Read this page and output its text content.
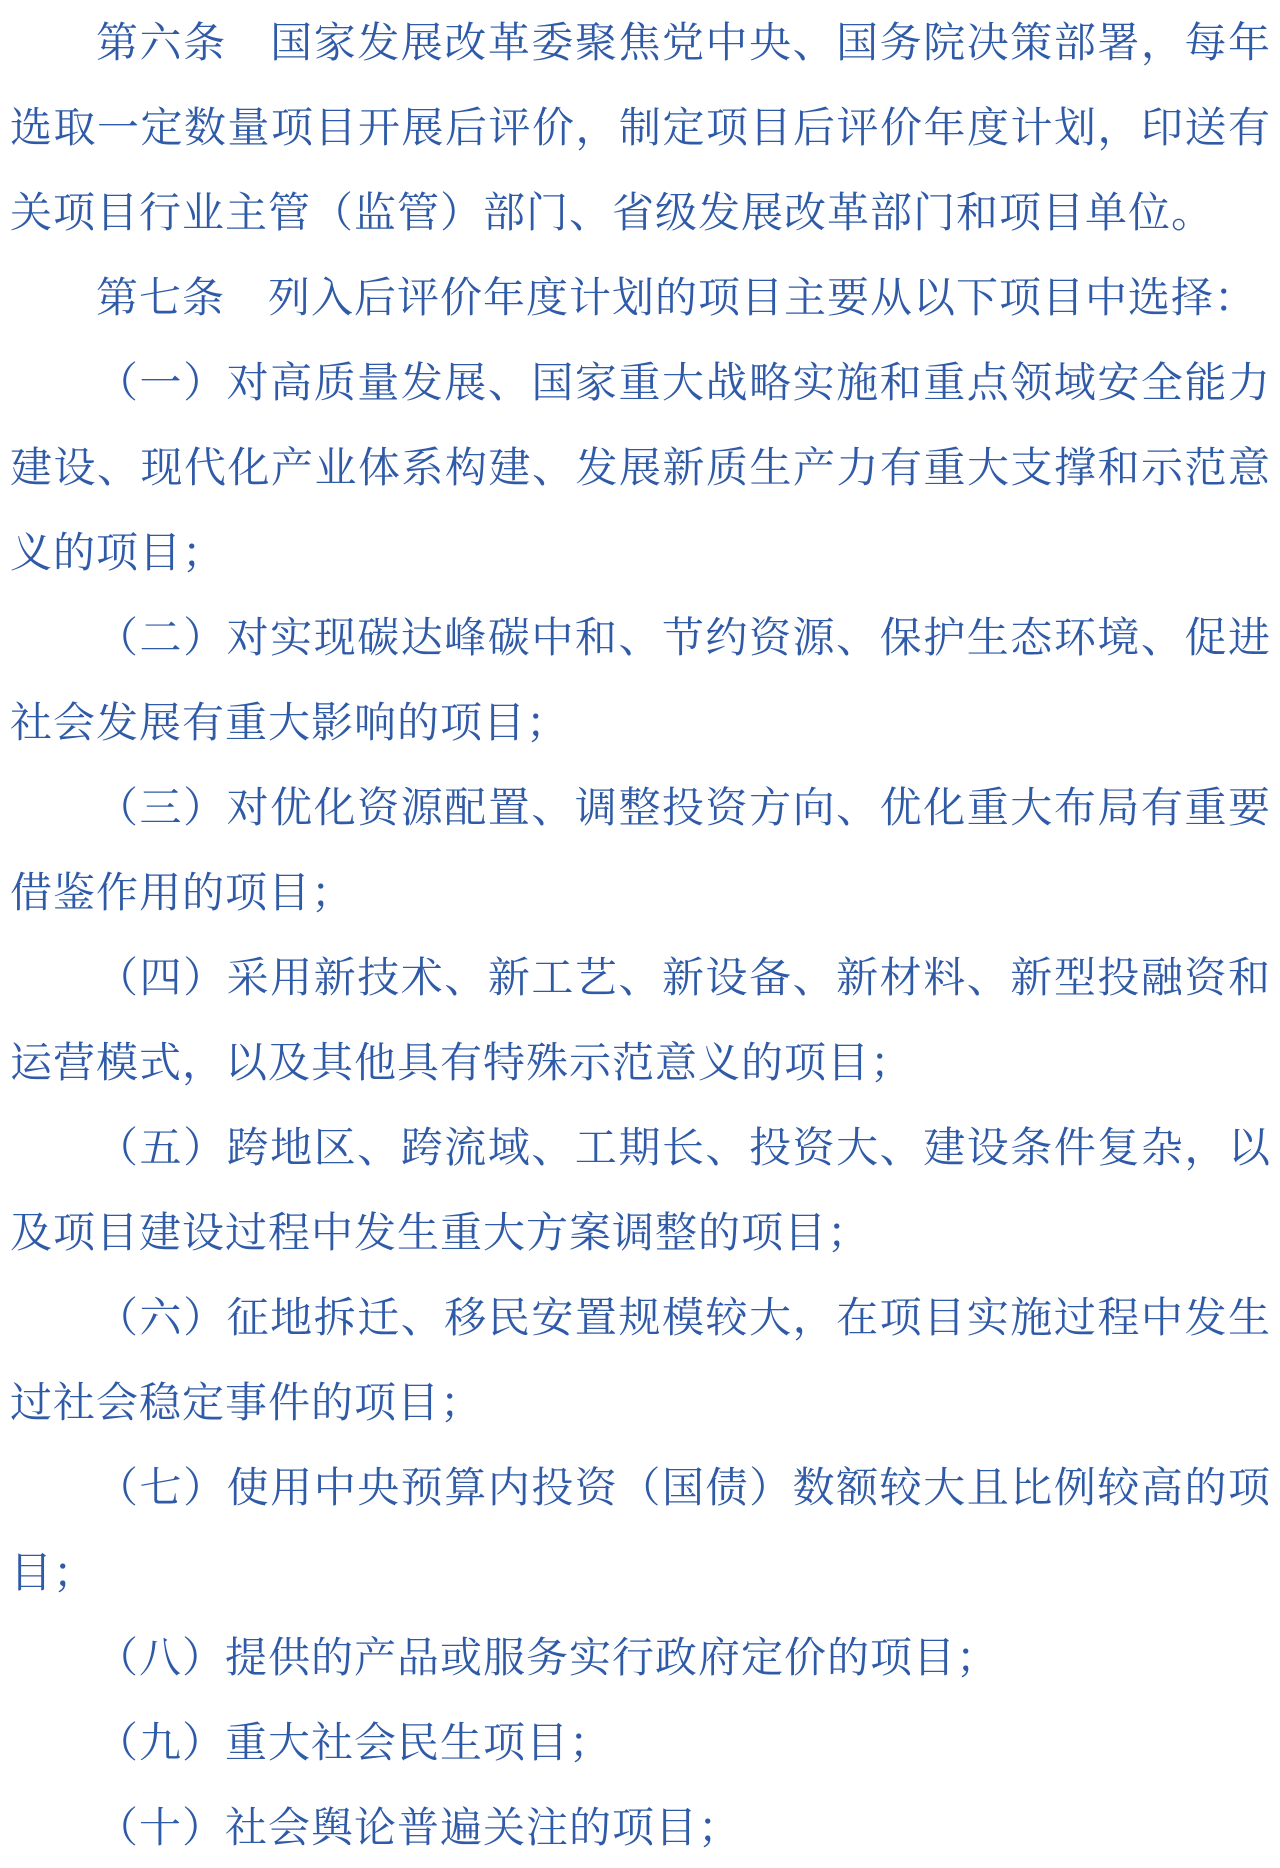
第六条　国家发展改革委聚焦党中央、国务院决策部署，每年
选取一定数量项目开展后评价，制定项目后评价年度计划，印送有
关项目行业主管（监管）部门、省级发展改革部门和项目单位。
第七条　列入后评价年度计划的项目主要从以下项目中选择：
（一）对高质量发展、国家重大战略实施和重点领域安全能力
建设、现代化产业体系构建、发展新质生产力有重大支撑和示范意
义的项目；
（二）对实现碳达峰碳中和、节约资源、保护生态环境、促进
社会发展有重大影响的项目；
（三）对优化资源配置、调整投资方向、优化重大布局有重要
借鉴作用的项目；
（四）采用新技术、新工艺、新设备、新材料、新型投融资和
运营模式，以及其他具有特殊示范意义的项目；
（五）跨地区、跨流域、工期长、投资大、建设条件复杂，以
及项目建设过程中发生重大方案调整的项目；
（六）征地拆迁、移民安置规模较大，在项目实施过程中发生
过社会稳定事件的项目；
（七）使用中央预算内投资（国债）数额较大且比例较高的项
目；
（八）提供的产品或服务实行政府定价的项目；
（九）重大社会民生项目；
（十）社会舆论普遍关注的项目；
